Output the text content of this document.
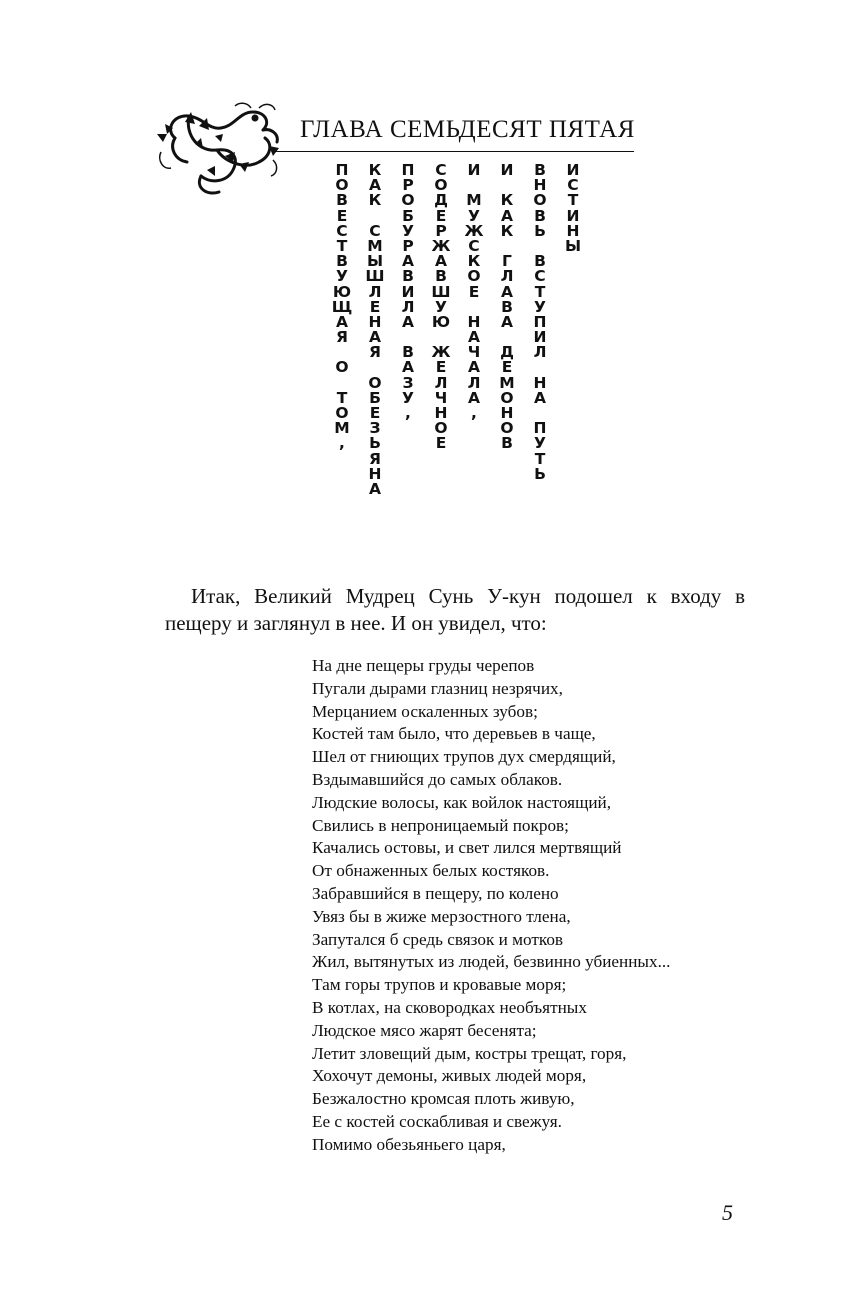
ГЛАВА СЕМЬДЕСЯТ ПЯТАЯ
П
О
В
Е
С
Т
В
У
Ю
Щ
А
Я

О

Т
О
М
,
К
А
К

С
М
Ы
Ш
Л
Е
Н
А
Я

О
Б
Е
З
Ь
Я
Н
А
П
Р
О
Б
У
Р
А
В
И
Л
А

В
А
З
У
,
С
О
Д
Е
Р
Ж
А
В
Ш
У
Ю

Ж
Е
Л
Ч
Н
О
Е
И

М
У
Ж
С
К
О
Е

Н
А
Ч
А
Л
А
,
И

К
А
К

Г
Л
А
В
А

Д
Е
М
О
Н
О
В
В
Н
О
В
Ь

В
С
Т
У
П
И
Л

Н
А

П
У
Т
Ь
И
С
Т
И
Н
Ы

Итак, Великий Мудрец Сунь У-кун подошел к входу в пещеру и заглянул в нее. И он увидел, что:

На дне пещеры груды черепов
Пугали дырами глазниц незрячих,
Мерцанием оскаленных зубов;
Костей там было, что деревьев в чаще,
Шел от гниющих трупов дух смердящий,
Вздымавшийся до самых облаков.
Людские волосы, как войлок настоящий,
Свились в непроницаемый покров;
Качались остовы, и свет лился мертвящий
От обнаженных белых костяков.
Забравшийся в пещеру, по колено
Увяз бы в жиже мерзостного тлена,
Запутался б средь связок и мотков
Жил, вытянутых из людей, безвинно убиенных...
Там горы трупов и кровавые моря;
В котлах, на сковородках необъятных
Людское мясо жарят бесенята;
Летит зловещий дым, костры трещат, горя,
Хохочут демоны, живых людей моря,
Безжалостно кромсая плоть живую,
Ее с костей соскабливая и свежуя.
Помимо обезьяньего царя,
5
